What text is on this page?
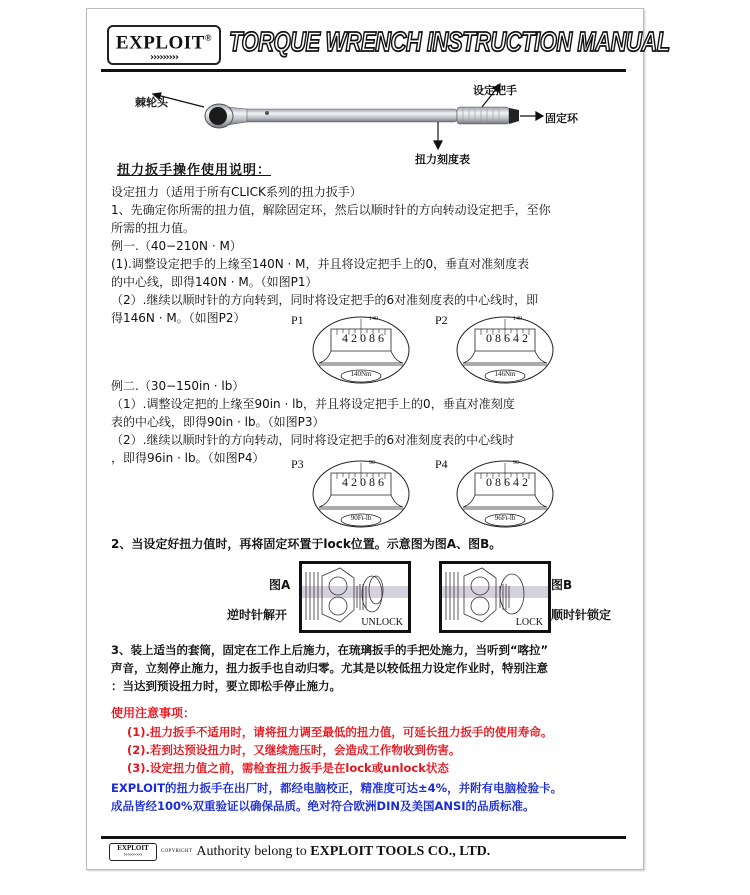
EXPLOIT®
›››››››››
TORQUE WRENCH INSTRUCTION MANUAL
棘轮头
设定把手
固定环
扭力刻度表
扭力扳手操作使用说明：
设定扭力（适用于所有CLICK系列的扭力扳手）
1、先确定你所需的扭力值，解除固定环，然后以顺时针的方向转动设定把手，至你
所需的扭力值。
例一.（40−210N · M）
(1).调整设定把手的上缘至140N · M，并且将设定把手上的0，垂直对准刻度表
的中心线，即得140N · M。（如图P1）
（2）.继续以顺时针的方向转到，同时将设定把手的6对准刻度表的中心线时，即
得146N · M。（如图P2）
例二.（30−150in · lb）
（1）.调整设定把的上缘至90in · lb，并且将设定把手上的0，垂直对准刻度
表的中心线，即得90in · lb。（如图P3）
（2）.继续以顺时针的方向转动，同时将设定把手的6对准刻度表的中心线时
，即得96in · lb。（如图P4）
2、当设定好扭力值时，再将固定环置于lock位置。示意图为图A、图B。
图A
逆时针解开
UNLOCK	LOCK
图B
顺时针锁定
3、装上适当的套筒，固定在工作上后施力，在琉璃扳手的手把处施力，当听到“喀拉”
声音，立刻停止施力，扭力扳手也自动归零。尤其是以较低扭力设定作业时，特别注意
：当达到预设扭力时，要立即松手停止施力。
使用注意事项：
(1).扭力扳手不适用时，请将扭力调至最低的扭力值，可延长扭力扳手的使用寿命。
(2).若到达预设扭力时，又继续施压时，会造成工作物收到伤害。
(3).设定扭力值之前，需检查扭力扳手是在lock或unlock状态
EXPLOIT的扭力扳手在出厂时，都经电脑校正，精准度可达±4%，并附有电脑检验卡。
成品皆经100%双重验证以确保品质。绝对符合欧洲DIN及美国ANSI的品质标准。
EXPLOIT
›››››››››
COPYRIGHT Authority belong to EXPLOIT TOOLS CO., LTD.
P1
4 2 0 8 6
140
140Nm
P2
0 8 6 4 2
140
146Nm
P3
4 2 0 8 6
90
90Ft-lb
P4
0 8 6 4 2
90
96Ft-lb
